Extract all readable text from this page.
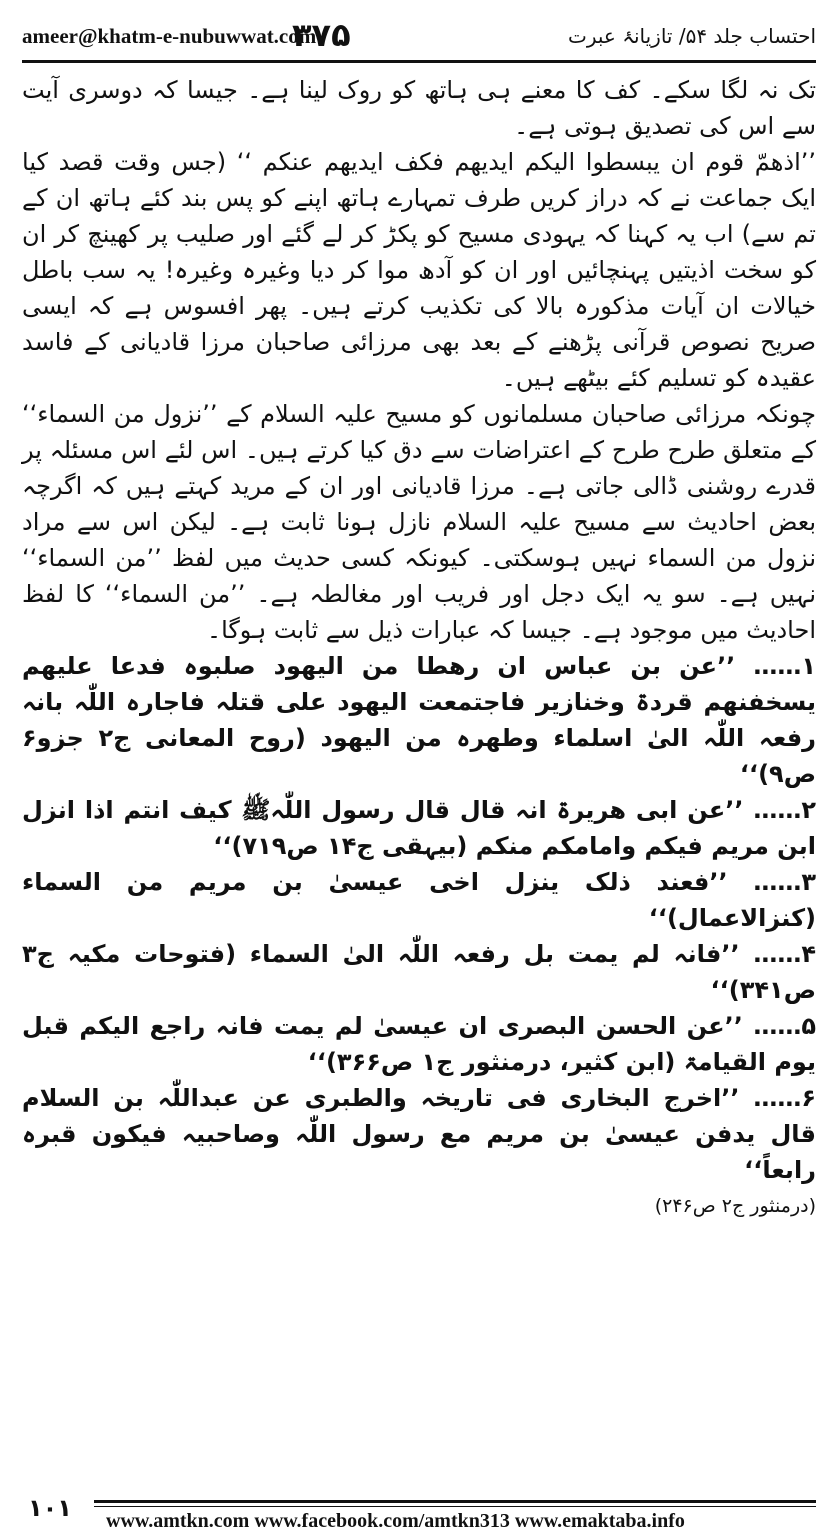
ameer@khatm-e-nubuwwat.com
۳۷۵	احتساب جلد ۵۴/ تازیانۂ عبرت

تک نہ لگا سکے۔ کف کا معنے ہی ہاتھ کو روک لینا ہے۔ جیسا کہ دوسری آیت سے اس کی تصدیق ہوتی ہے۔

’’اذھمّ قوم ان یبسطوا الیکم ایدیھم فکف ایدیھم عنکم ‘‘ (جس وقت قصد کیا ایک جماعت نے کہ دراز کریں طرف تمہارے ہاتھ اپنے کو پس بند کئے ہاتھ ان کے تم سے) اب یہ کہنا کہ یہودی مسیح کو پکڑ کر لے گئے اور صلیب پر کھینچ کر ان کو سخت اذیتیں پہنچائیں اور ان کو آدھ موا کر دیا وغیرہ وغیرہ! یہ سب باطل خیالات ان آیات مذکورہ بالا کی تکذیب کرتے ہیں۔ پھر افسوس ہے کہ ایسی صریح نصوص قرآنی پڑھنے کے بعد بھی مرزائی صاحبان مرزا قادیانی کے فاسد عقیدہ کو تسلیم کئے بیٹھے ہیں۔

چونکہ مرزائی صاحبان مسلمانوں کو مسیح علیہ السلام کے ’’نزول من السماء‘‘ کے متعلق طرح طرح کے اعتراضات سے دق کیا کرتے ہیں۔ اس لئے اس مسئلہ پر قدرے روشنی ڈالی جاتی ہے۔ مرزا قادیانی اور ان کے مرید کہتے ہیں کہ اگرچہ بعض احادیث سے مسیح علیہ السلام نازل ہونا ثابت ہے۔ لیکن اس سے مراد نزول من السماء نہیں ہوسکتی۔ کیونکہ کسی حدیث میں لفظ ’’من السماء‘‘ نہیں ہے۔ سو یہ ایک دجل اور فریب اور مغالطہ ہے۔ ’’من السماء‘‘ کا لفظ احادیث میں موجود ہے۔ جیسا کہ عبارات ذیل سے ثابت ہوگا۔

۱…… ’’عن بن عباس ان رھطا من الیھود صلبوہ فدعا علیھم یسخفنھم قردۃ وخنازیر فاجتمعت الیھود علی قتلہ فاجارہ اللّٰہ بانہ رفعہ اللّٰہ الیٰ اسلماء وطھرہ من الیھود (روح المعانی ج۲ جزو۶ ص۹)‘‘

۲…… ’’عن ابی ھریرۃ انہ قال قال رسول اللّٰہﷺ کیف انتم اذا انزل ابن مریم فیکم وامامکم منکم (بیہقی ج۱۴ ص۷۱۹)‘‘

۳…… ’’فعند ذلک ینزل اخی عیسیٰ بن مریم من السماء (کنزالاعمال)‘‘

۴…… ’’فانہ لم یمت بل رفعہ اللّٰہ الیٰ السماء (فتوحات مکیہ ج۳ ص۳۴۱)‘‘

۵…… ’’عن الحسن البصری ان عیسیٰ لم یمت فانہ راجع الیکم قبل یوم القیامۃ (ابن کثیر، درمنثور ج۱ ص۳۶۶)‘‘

۶…… ’’اخرج البخاری فی تاریخہ والطبری عن عبداللّٰہ بن السلام قال یدفن عیسیٰ بن مریم مع رسول اللّٰہ وصاحبیہ فیکون قبرہ رابعاً‘‘

(درمنثور ج۲ ص۲۴۶)

۱۰۱ www.amtkn.com www.facebook.com/amtkn313 www.emaktaba.info
